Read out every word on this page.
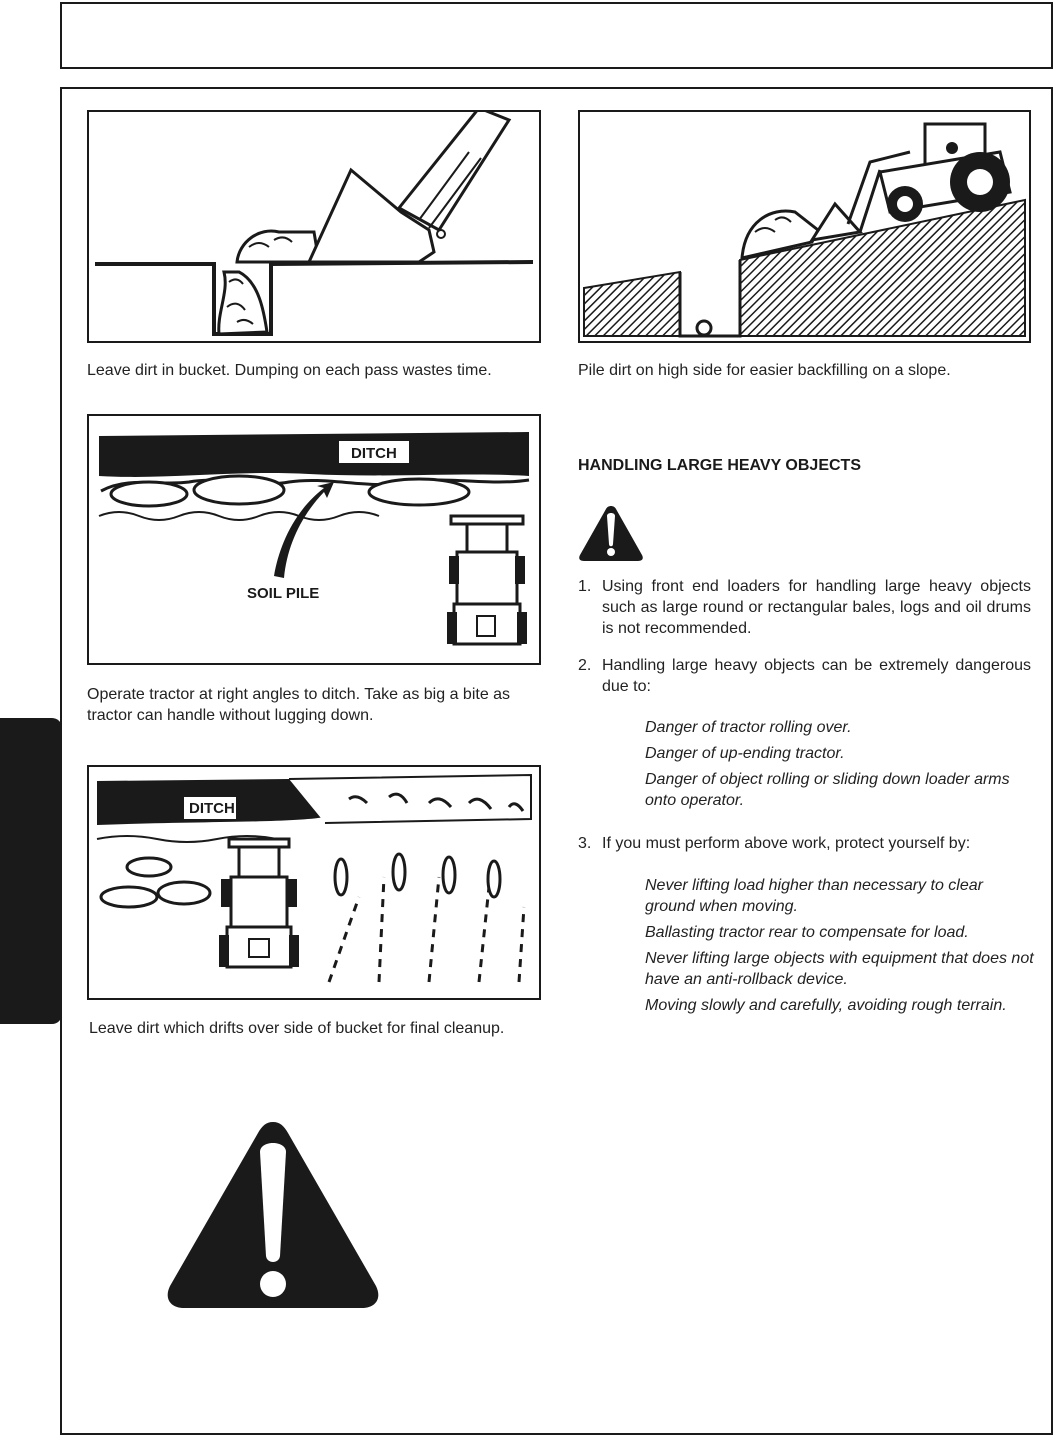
Leave dirt in bucket. Dumping on each pass wastes time.	Pile dirt on high side for easier backfilling on a slope.
DITCH
SOIL PILE
Operate tractor at right angles to ditch. Take as big a bite as tractor can handle without lugging down.
DITCH
Leave dirt which drifts over side of bucket for final cleanup.
HANDLING LARGE HEAVY OBJECTS
1. Using front end loaders for handling large heavy objects such as large round or rectangular bales, logs and oil drums is not recommended.
2. Handling large heavy objects can be extremely dangerous due to:
Danger of tractor rolling over.
Danger of up-ending tractor.
Danger of object rolling or sliding down loader arms onto operator.
3. If you must perform above work, protect yourself by:
Never lifting load higher than necessary to clear ground when moving.
Ballasting tractor rear to compensate for load.
Never lifting large objects with equipment that does not have an anti-rollback device.
Moving slowly and carefully, avoiding rough terrain.
